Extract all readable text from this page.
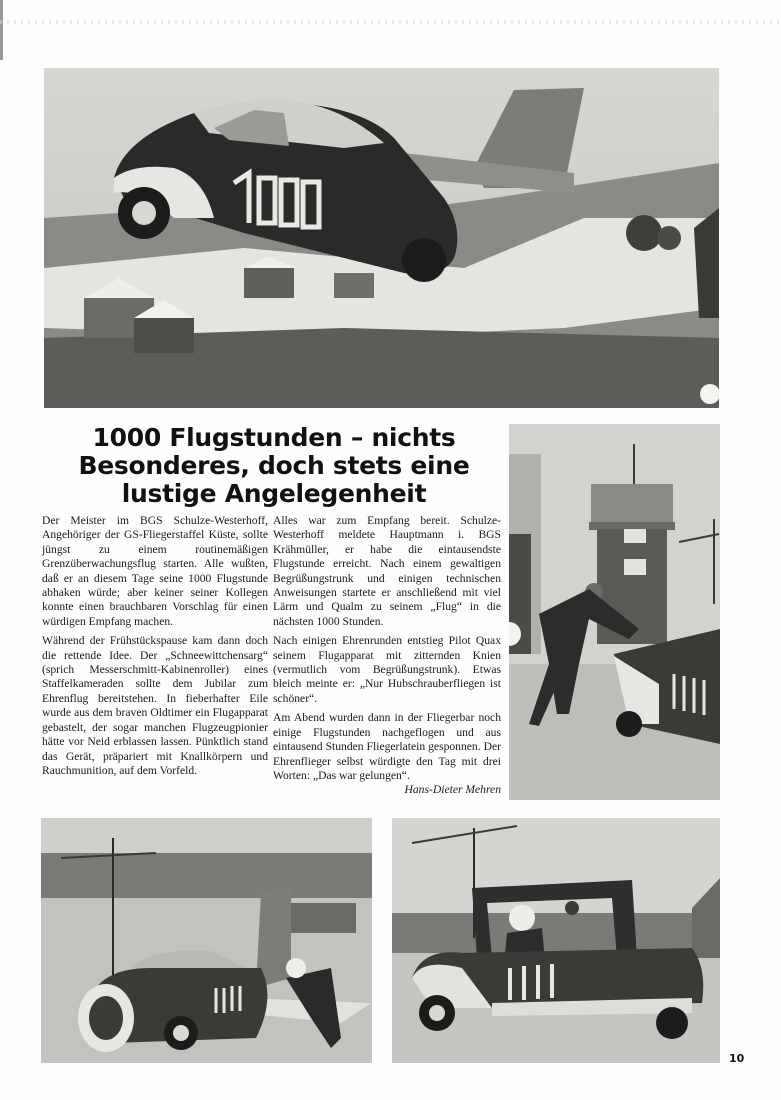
1000 Flugstunden – nichts
Besonderes, doch stets eine
lustige Angelegenheit

Der Meister im BGS Schulze-Westerhoff, Angehöriger der GS-Fliegerstaffel Küste, sollte jüngst zu einem routinemäßigen Grenzüberwachungsflug starten. Alle wußten, daß er an diesem Tage seine 1000 Flugstunde abhaken würde; aber keiner seiner Kollegen konnte einen brauchbaren Vorschlag für einen würdigen Empfang machen.

Während der Frühstückspause kam dann doch die rettende Idee. Der „Schneewittchensarg“ (sprich Messerschmitt-Kabinenroller) eines Staffelkameraden sollte dem Jubilar zum Ehrenflug bereitstehen. In fieberhafter Eile wurde aus dem braven Oldtimer ein Flugapparat gebastelt, der sogar manchen Flugzeugpionier hätte vor Neid erblassen lassen. Pünktlich stand das Gerät, präpariert mit Knallkörpern und Rauchmunition, auf dem Vorfeld.

Alles war zum Empfang bereit. Schulze-Westerhoff meldete Hauptmann i. BGS Krähmüller, er habe die eintausendste Flugstunde erreicht. Nach einem gewaltigen Begrüßungstrunk und einigen technischen Anweisungen startete er anschließend mit viel Lärm und Qualm zu seinem „Flug“ in die nächsten 1000 Stunden.

Nach einigen Ehrenrunden entstieg Pilot Quax seinem Flugapparat mit zitternden Knien (vermutlich vom Begrüßungstrunk). Etwas bleich meinte er: „Nur Hubschrauberfliegen ist schöner“.

Am Abend wurden dann in der Fliegerbar noch einige Flugstunden nachgeflogen und aus eintausend Stunden Fliegerlatein gesponnen. Der Ehrenflieger selbst würdigte den Tag mit drei Worten: „Das war gelungen“.
Hans-Dieter Mehren

10
